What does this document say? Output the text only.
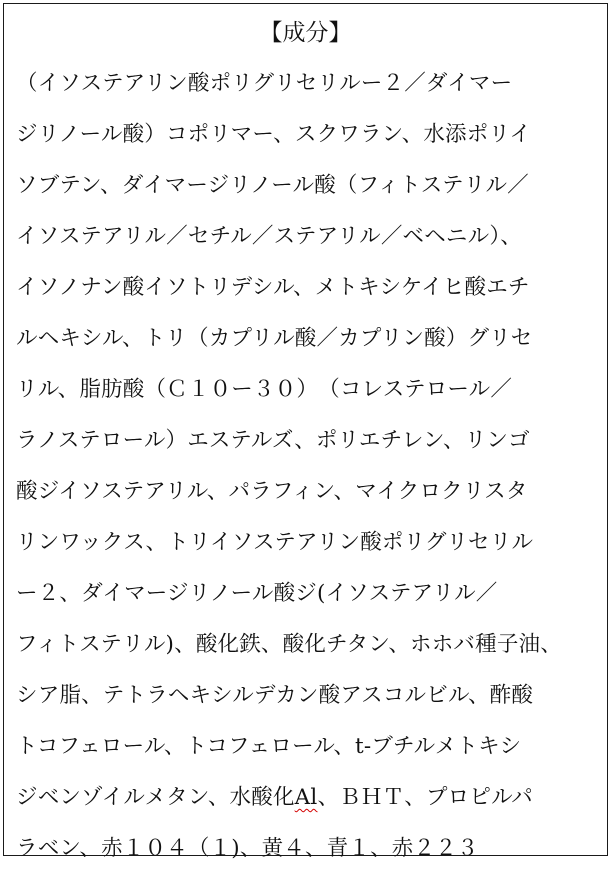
【成分】
（イソステアリン酸ポリグリセリルー２／ダイマー
ジリノール酸）コポリマー、スクワラン、水添ポリイ
ソブテン、ダイマージリノール酸（フィトステリル／
イソステアリル／セチル／ステアリル／ベヘニル）、
イソノナン酸イソトリデシル、メトキシケイヒ酸エチ
ルヘキシル、トリ（カプリル酸／カプリン酸）グリセ
リル、脂肪酸（Ｃ１０ー３０）　（コレステロール／
ラノステロール）エステルズ、ポリエチレン、リンゴ
酸ジイソステアリル、パラフィン、マイクロクリスタ
リンワックス、トリイソステアリン酸ポリグリセリル
ー２、ダイマージリノール酸ジ(イソステアリル／
フィトステリル)、酸化鉄、酸化チタン、ホホバ種子油、
シア脂、テトラヘキシルデカン酸アスコルビル、酢酸
トコフェロール、トコフェロール、t-ブチルメトキシ
ジベンゾイルメタン、水酸化Al、ＢＨＴ、プロピルパ
ラベン、赤１０４（１)、黄４、青１、赤２２３
